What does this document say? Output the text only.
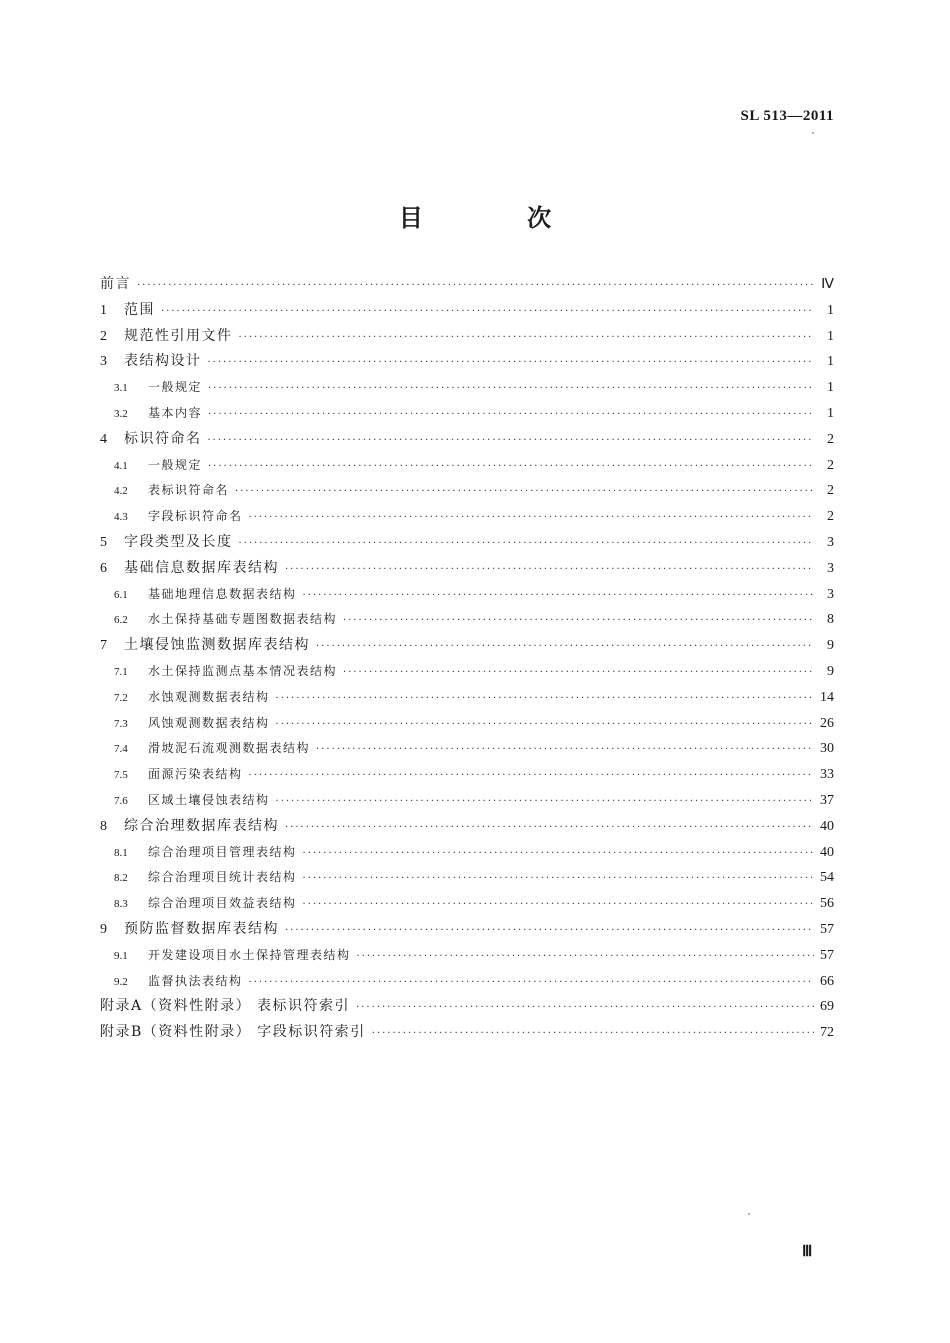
SL 513—2011
目 次
前言 ·····	Ⅳ
1	范围 ·····	1
2	规范性引用文件 ·····	1
3	表结构设计 ·····	1
3.1	一般规定 ·····	1
3.2	基本内容 ·····	1
4	标识符命名 ·····	2
4.1	一般规定 ·····	2
4.2	表标识符命名 ·····	2
4.3	字段标识符命名 ·····	2
5	字段类型及长度 ·····	3
6	基础信息数据库表结构 ·····	3
6.1	基础地理信息数据表结构 ·····	3
6.2	水土保持基础专题图数据表结构 ·····	8
7	土壤侵蚀监测数据库表结构 ·····	9
7.1	水土保持监测点基本情况表结构 ·····	9
7.2	水蚀观测数据表结构 ·····	14
7.3	风蚀观测数据表结构 ·····	26
7.4	滑坡泥石流观测数据表结构 ·····	30
7.5	面源污染表结构 ·····	33
7.6	区域土壤侵蚀表结构 ·····	37
8	综合治理数据库表结构 ·····	40
8.1	综合治理项目管理表结构 ·····	40
8.2	综合治理项目统计表结构 ·····	54
8.3	综合治理项目效益表结构 ·····	56
9	预防监督数据库表结构 ·····	57
9.1	开发建设项目水土保持管理表结构 ·····	57
9.2	监督执法表结构 ·····	66
附录A（资料性附录） 表标识符索引 ·····	69
附录B（资料性附录） 字段标识符索引 ·····	72
Ⅲ
